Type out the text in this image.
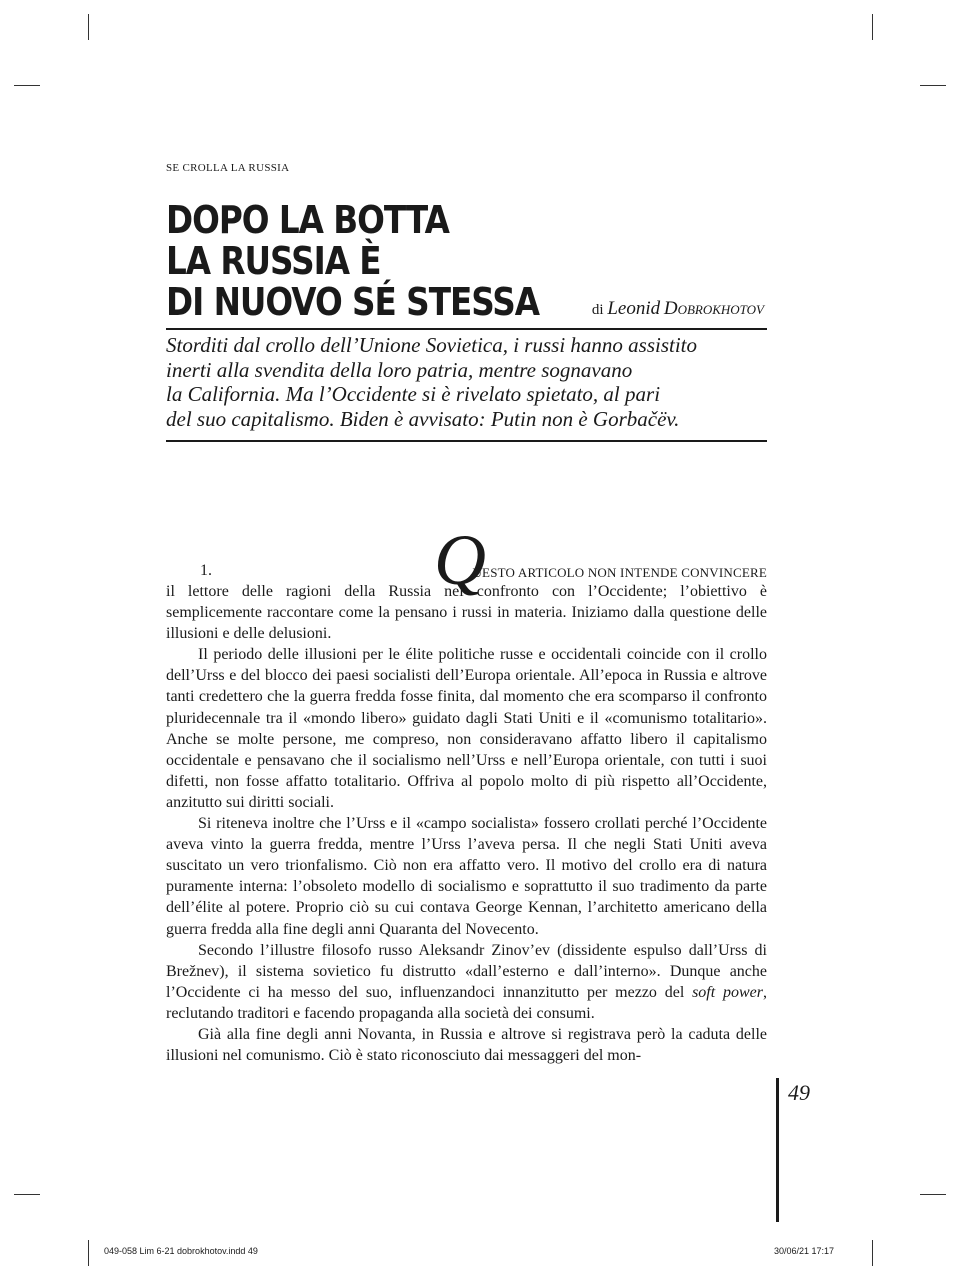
SE CROLLA LA RUSSIA
DOPO LA BOTTA
LA RUSSIA È
DI NUOVO SÉ STESSA	di Leonid Dobrokhotov
Storditi dal crollo dell’Unione Sovietica, i russi hanno assistito
inerti alla svendita della loro patria, mentre sognavano
la California. Ma l’Occidente si è rivelato spietato, al pari
del suo capitalismo. Biden è avvisato: Putin non è Gorbačëv.
1.	Q
UESTO ARTICOLO NON INTENDE CONVINCERE

il lettore delle ragioni della Russia nel confronto con l’Occidente; l’obiettivo è semplicemente raccontare come la pensano i russi in materia. Iniziamo dalla questione delle illusioni e delle delusioni.

Il periodo delle illusioni per le élite politiche russe e occidentali coincide con il crollo dell’Urss e del blocco dei paesi socialisti dell’Europa orientale. All’epoca in Russia e altrove tanti credettero che la guerra fredda fosse finita, dal momento che era scomparso il confronto pluridecennale tra il «mondo libero» guidato dagli Stati Uniti e il «comunismo totalitario». Anche se molte persone, me compreso, non consideravano affatto libero il capitalismo occidentale e pensavano che il socialismo nell’Urss e nell’Europa orientale, con tutti i suoi difetti, non fosse affatto totalitario. Offriva al popolo molto di più rispetto all’Occidente, anzitutto sui diritti sociali.

Si riteneva inoltre che l’Urss e il «campo socialista» fossero crollati perché l’Occidente aveva vinto la guerra fredda, mentre l’Urss l’aveva persa. Il che negli Stati Uniti aveva suscitato un vero trionfalismo. Ciò non era affatto vero. Il motivo del crollo era di natura puramente interna: l’obsoleto modello di socialismo e soprattutto il suo tradimento da parte dell’élite al potere. Proprio ciò su cui contava George Kennan, l’architetto americano della guerra fredda alla fine degli anni Quaranta del Novecento.

Secondo l’illustre filosofo russo Aleksandr Zinov’ev (dissidente espulso dall’Urss di Brežnev), il sistema sovietico fu distrutto «dall’esterno e dall’interno». Dunque anche l’Occidente ci ha messo del suo, influenzandoci innanzitutto per mezzo del soft power, reclutando traditori e facendo propaganda alla società dei consumi.

Già alla fine degli anni Novanta, in Russia e altrove si registrava però la caduta delle illusioni nel comunismo. Ciò è stato riconosciuto dai messaggeri del mon-

49
049-058 Lim 6-21 dobrokhotov.indd 49	30/06/21 17:17
